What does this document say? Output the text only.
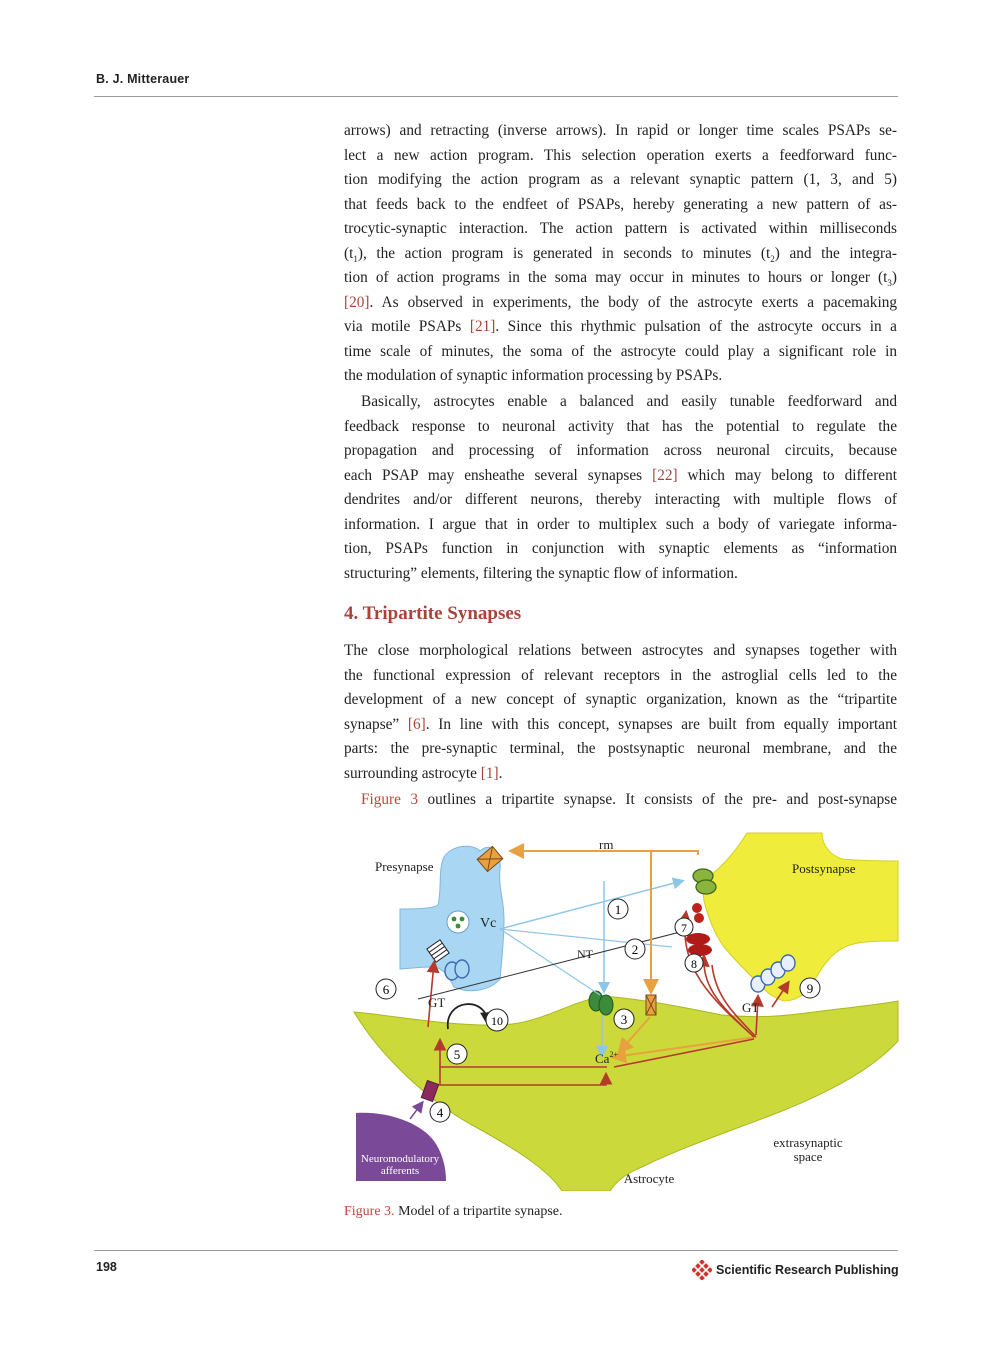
B. J. Mitterauer
arrows) and retracting (inverse arrows). In rapid or longer time scales PSAPs se-
lect a new action program. This selection operation exerts a feedforward func-
tion modifying the action program as a relevant synaptic pattern (1, 3, and 5)
that feeds back to the endfeet of PSAPs, hereby generating a new pattern of as-
trocytic-synaptic interaction. The action pattern is activated within milliseconds
$(t_1)$, the action program is generated in seconds to minutes $(t_2)$ and the integra-
tion of action programs in the soma may occur in minutes to hours or longer $(t_3)$
[20]. As observed in experiments, the body of the astrocyte exerts a pacemaking
via motile PSAPs [21]. Since this rhythmic pulsation of the astrocyte occurs in a
time scale of minutes, the soma of the astrocyte could play a significant role in
the modulation of synaptic information processing by PSAPs.
Basically, astrocytes enable a balanced and easily tunable feedforward and
feedback response to neuronal activity that has the potential to regulate the
propagation and processing of information across neuronal circuits, because
each PSAP may ensheathe several synapses [22] which may belong to different
dendrites and/or different neurons, thereby interacting with multiple flows of
information. I argue that in order to multiplex such a body of variegate informa-
tion, PSAPs function in conjunction with synaptic elements as “information
structuring” elements, filtering the synaptic flow of information.
4. Tripartite Synapses
The close morphological relations between astrocytes and synapses together with
the functional expression of relevant receptors in the astroglial cells led to the
development of a new concept of synaptic organization, known as the “tripartite
synapse” [6]. In line with this concept, synapses are built from equally important
parts: the pre-synaptic terminal, the postsynaptic neuronal membrane, and the
surrounding astrocyte [1].
Figure 3 outlines a tripartite synapse. It consists of the pre- and post-synapse
1
2
3
4
5
6
7
8
9
10
Presynapse	Postsynapse
rm
Vc
NT
GT	GT
$Ca^{2+}$
Neuromodulatory
afferents	Astrocyte
extrasynaptic
space
Figure 3. Model of a tripartite synapse.
198	Scientific Research Publishing
